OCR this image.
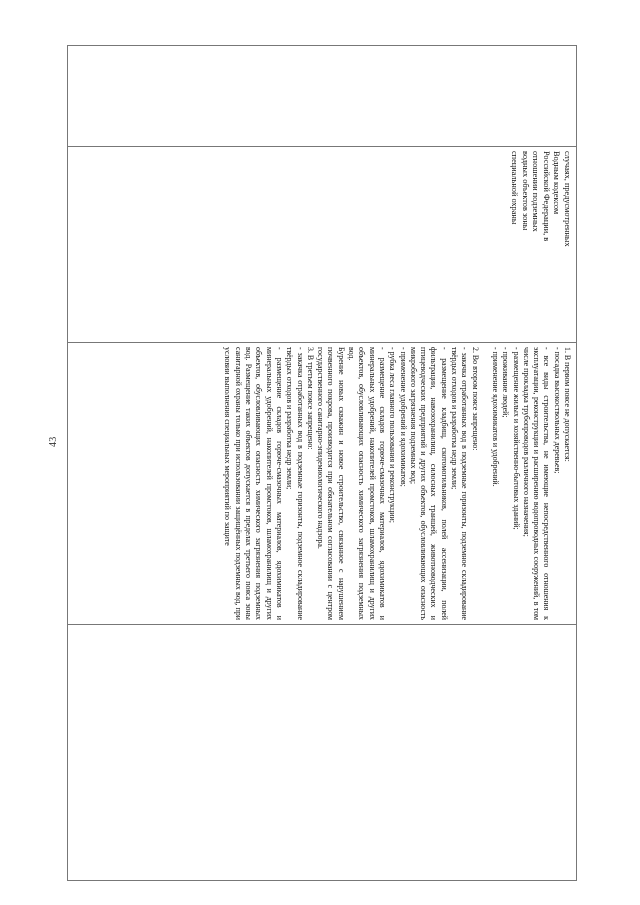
43
случаях, предусмотренных
Водным кодексом
Российской Федерации, в
отношении подземных
водных объектов зоны
специальной охраны
1. В первом поясе не допускается:
- посадка высокоствольных деревьев;
- все виды строительства, не имеющие непосредственного отношения к эксплуатации, реконструкции и расширению водопроводных сооружений, в том числе прокладка трубопроводов различного назначения;
- размещение жилых и хозяйственно-бытовых зданий;
- проживание людей;
- применение ядохимикатов и удобрений.
2. Во втором поясе запрещено:
- закачка отработанных вод в подземные горизонты, подземное складирование твёрдых отходов и разработка недр земли;
- размещение кладбищ, скотомогильников, полей ассенизации, полей фильтрации, навозохранилищ, силосных траншей, животноводческих и птицеводческих предприятий и других объектов, обусловливающих опасность микробного загрязнения подземных вод;
- применение удобрений и ядохимикатов;
- рубка леса главного пользования и реконструкции;
- размещение складов горюче-смазочных материалов, ядохимикатов и минеральных удобрений, накопителей промстоков, шламохранилищ и других объектов, обусловливающих опасность химического загрязнения подземных вод.
Бурение новых скважин и новое строительство, связанное с нарушением почвенного покрова, производится при обязательном согласовании с центром государственного санитарно-эпидемиологического надзора.
3. В третьем поясе запрещено:
- закачка отработанных вод в подземные горизонты, подземное складирование твёрдых отходов и разработка недр земли;
- размещение складов горюче-смазочных материалов, ядохимикатов и минеральных удобрений, накопителей промстоков, шламохранилищ и других объектов, обусловливающих опасность химического загрязнения подземных вод. Размещение таких объектов допускается в пределах третьего пояса зоны санитарной охраны только при использовании защищённых подземных вод, при условии выполнения специальных мероприятий по защите
